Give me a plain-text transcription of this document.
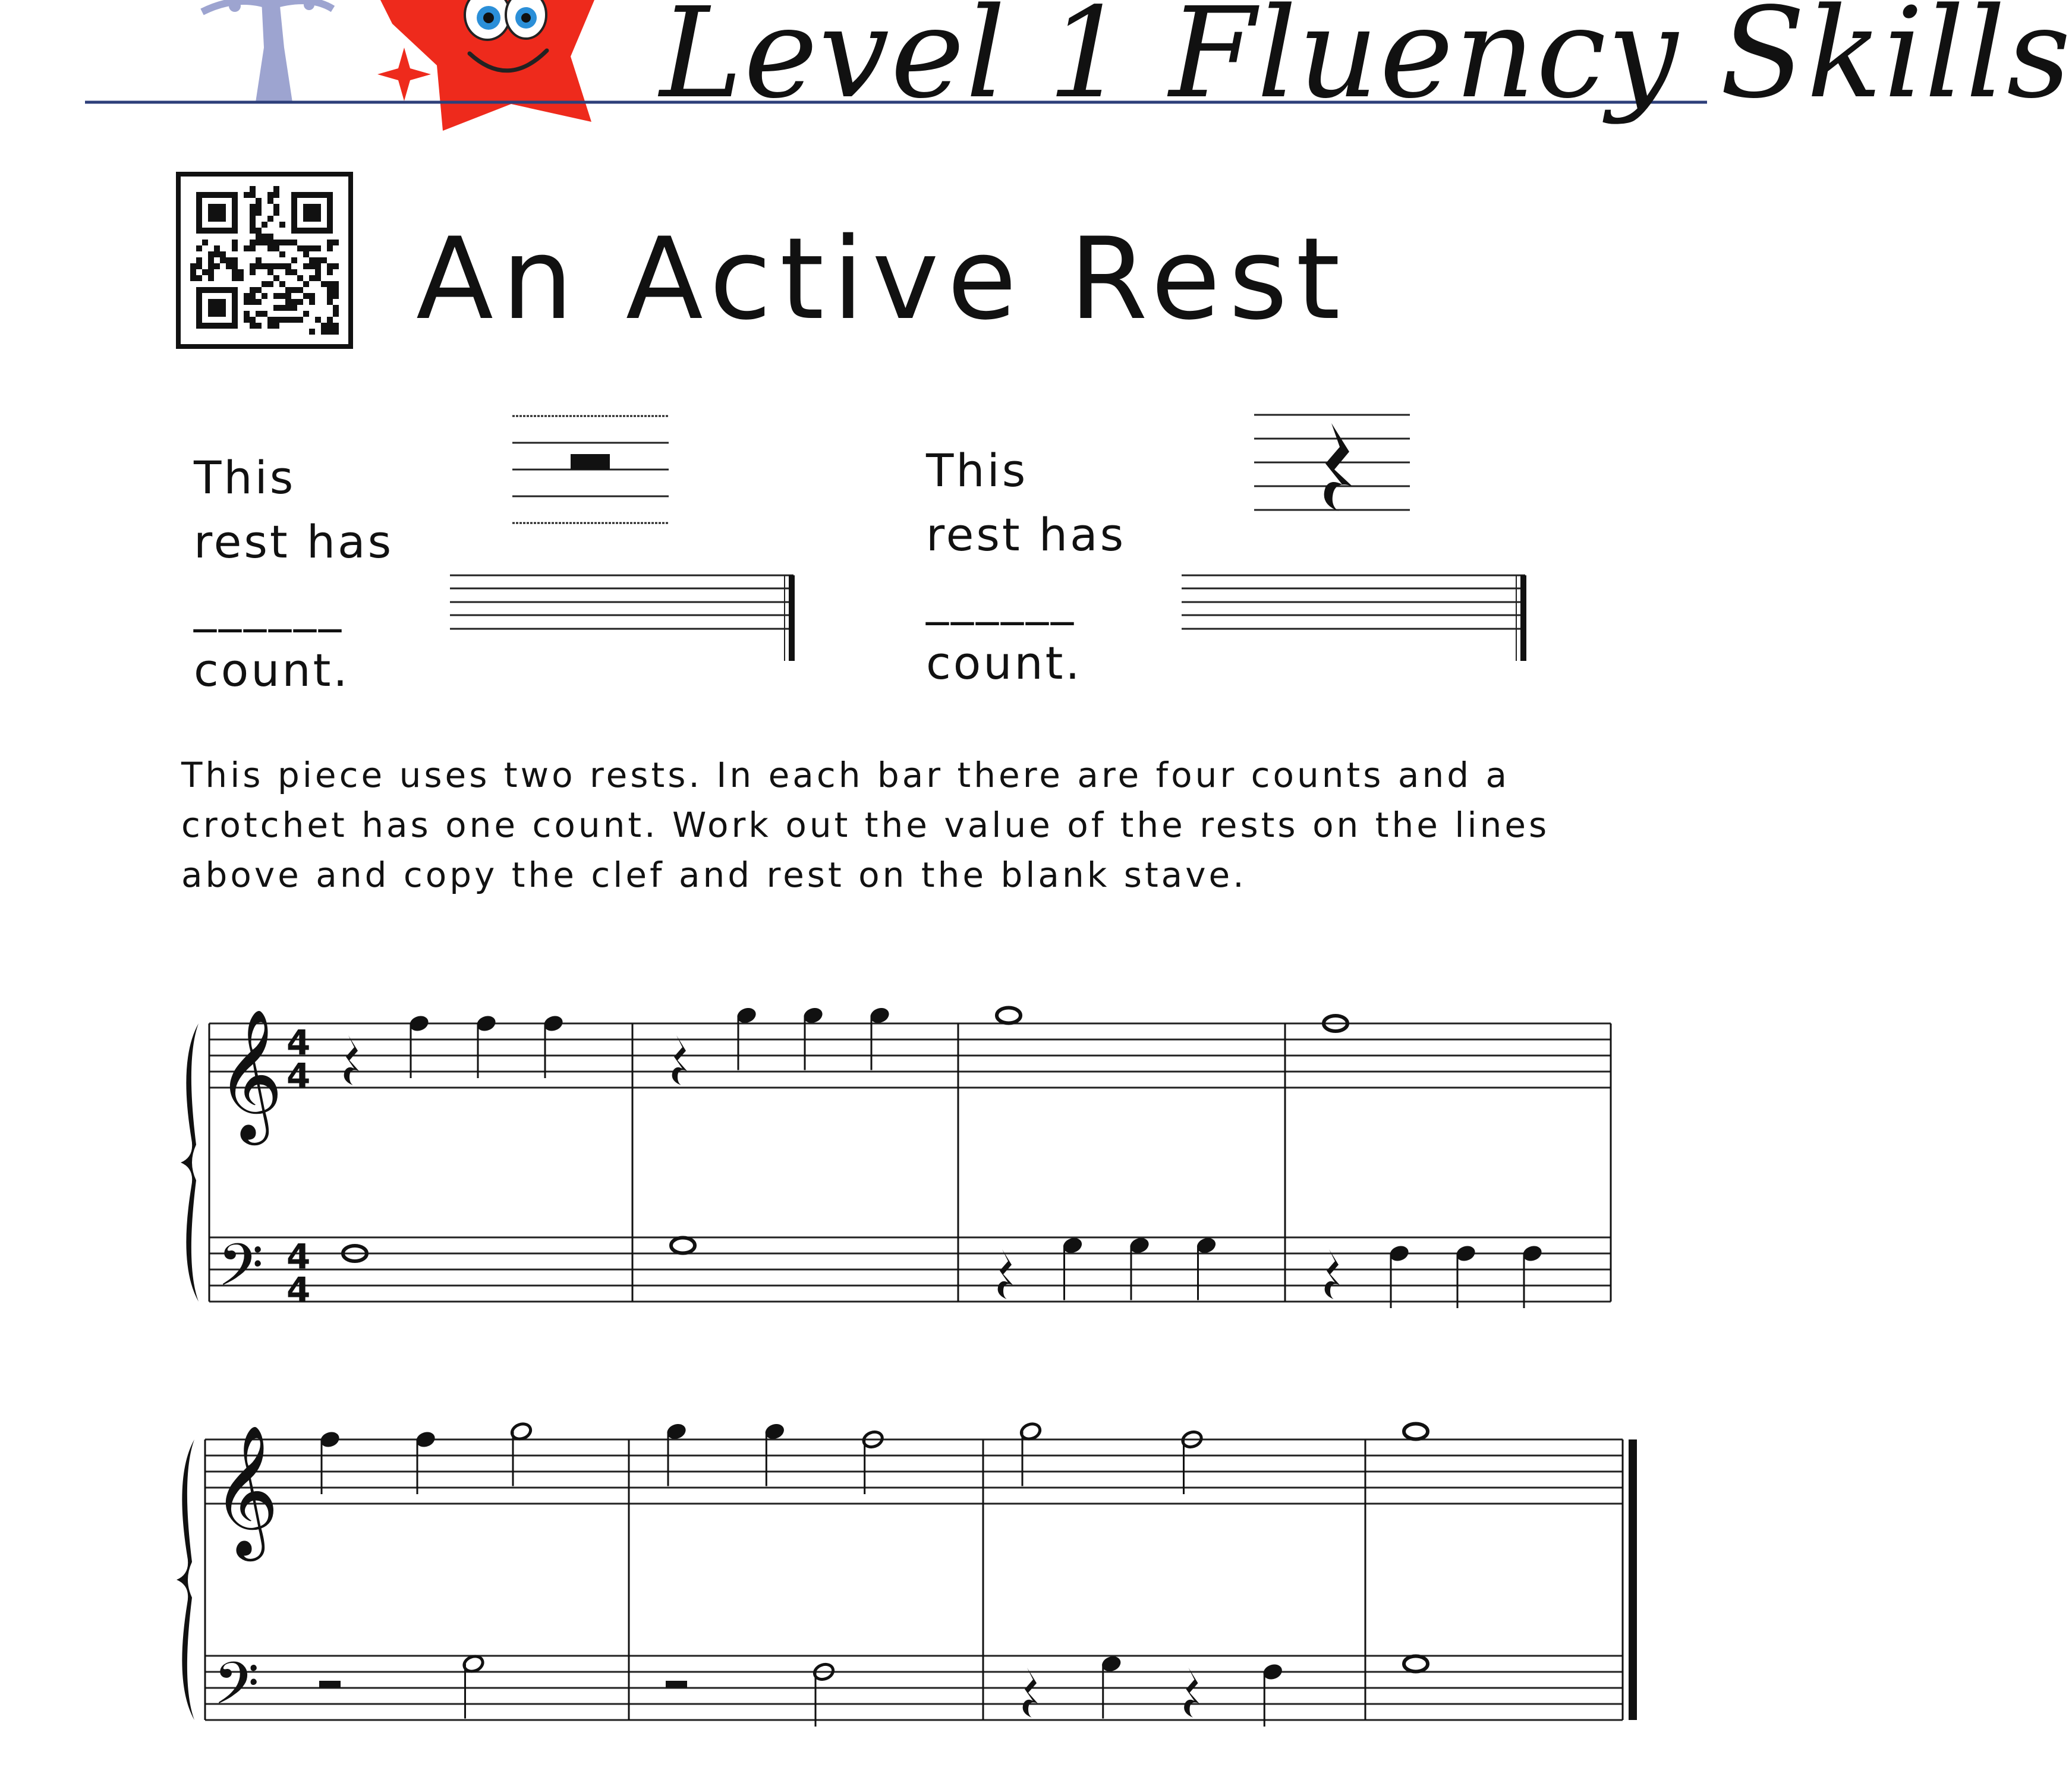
Level 1 Fluency Skills
An Active Rest
This
rest has
______
count.
This
rest has
______
count.
This piece uses two rests. In each bar there are four counts and a
crotchet has one count. Work out the value of the rests on the lines
above and copy the clef and rest on the blank stave.
𝄞
𝄢
4
4
4
4
𝄞
𝄢
